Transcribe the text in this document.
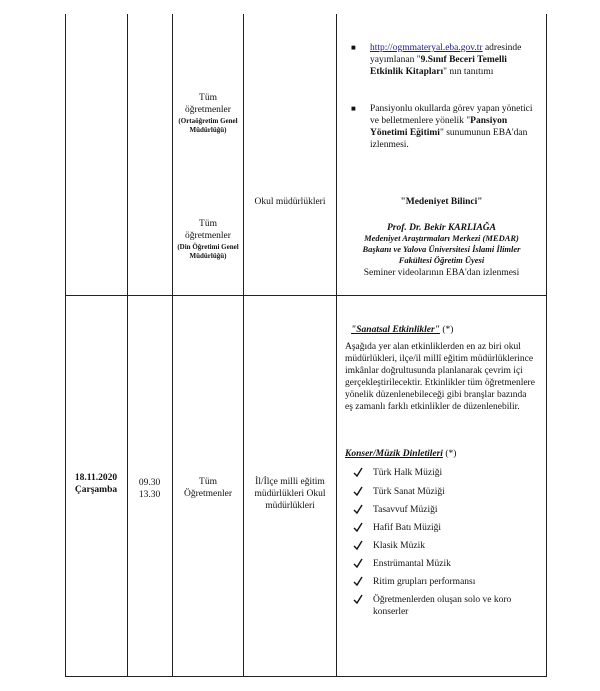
Tüm öğretmenler
(Ortaöğretim Genel Müdürlüğü)
Tüm öğretmenler
(Din Öğretimi Genel Müdürlüğü)
Okul müdürlükleri
■ http://ogmmateryal.eba.gov.tr adresinde yayımlanan "9.Sınıf Beceri Temelli Etkinlik Kitapları" nın tanıtımı
■ Pansiyonlu okullarda görev yapan yönetici ve belletmenlere yönelik "Pansiyon Yönetimi Eğitimi" sunumunun EBA'dan izlenmesi.
"Medeniyet Bilinci"
Prof. Dr. Bekir KARLIAĞA
Medeniyet Araştırmaları Merkezi (MEDAR)
Başkanı ve Yalova Üniversitesi İslami İlimler
Fakültesi Öğretim Üyesi
Seminer videolarının EBA'dan izlenmesi
18.11.2020
Çarşamba
09.30
13.30
Tüm Öğretmenler
İl/İlçe milli eğitim müdürlükleri Okul müdürlükleri
"Sanatsal Etkinlikler" (*)
Aşağıda yer alan etkinliklerden en az biri okul müdürlükleri, ilçe/il millî eğitim müdürlüklerince imkânlar doğrultusunda planlanarak çevrim içi gerçekleştirilecektir. Etkinlikler tüm öğretmenlere yönelik düzenlenebileceği gibi branşlar bazında eş zamanlı farklı etkinlikler de düzenlenebilir.
Konser/Müzik Dinletileri (*)
Türk Halk Müziği
Türk Sanat Müziği
Tasavvuf Müziği
Hafif Batı Müziği
Klasik Müzik
Enstrümantal Müzik
Ritim grupları performansı
Öğretmenlerden oluşan solo ve koro konserler
